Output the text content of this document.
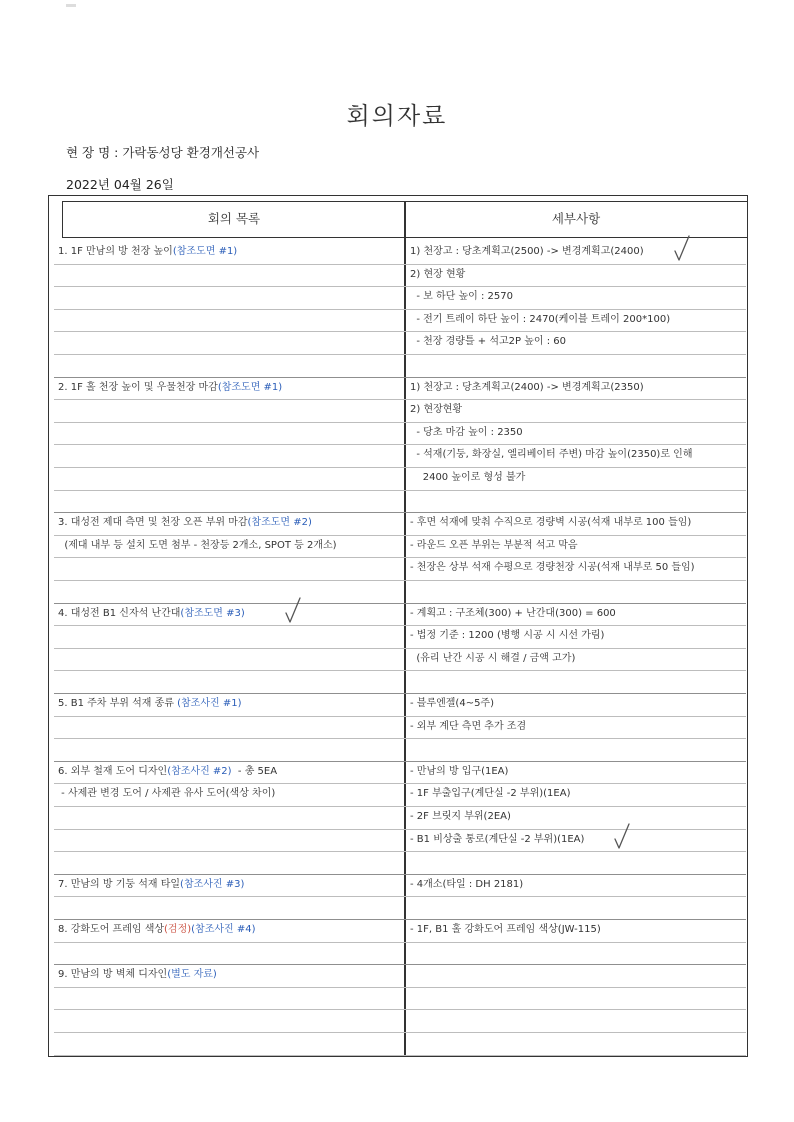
회의자료
현 장 명 : 가락동성당 환경개선공사
2022년 04월 26일
회의 목록	세부사항
1. 1F 만남의 방 천장 높이(참조도면 #1)	1) 천장고 : 당초계획고(2500) -> 변경계획고(2400)
2) 현장 현황
- 보 하단 높이 : 2570
- 전기 트레이 하단 높이 : 2470(케이블 트레이 200*100)
- 천장 경량틀 + 석고2P 높이 : 60
2. 1F 홀 천장 높이 및 우물천장 마감(참조도면 #1)	1) 천장고 : 당초계획고(2400) -> 변경계획고(2350)
2) 현장현황
- 당초 마감 높이 : 2350
- 석재(기둥, 화장실, 엘리베이터 주변) 마감 높이(2350)로 인해
2400 높이로 형성 불가
3. 대성전 제대 측면 및 천장 오픈 부위 마감(참조도면 #2)	- 후면 석재에 맞춰 수직으로 경량벽 시공(석재 내부로 100 들임)
(제대 내부 등 설치 도면 첨부 - 천장등 2개소, SPOT 등 2개소)	- 라운드 오픈 부위는 부분적 석고 막음
- 천장은 상부 석재 수평으로 경량천장 시공(석재 내부로 50 들임)
4. 대성전 B1 신자석 난간대(참조도면 #3)	- 계획고 : 구조체(300) + 난간대(300) = 600
- 법정 기준 : 1200 (병행 시공 시 시선 가림)
(유리 난간 시공 시 해결 / 금액 고가)
5. B1 주차 부위 석재 종류 (참조사진 #1)	- 블루엔젤(4~5주)
- 외부 계단 측면 추가 조겸
6. 외부 철재 도어 디자인(참조사진 #2)  - 총 5EA	- 만남의 방 입구(1EA)
- 사제관 변경 도어 / 사제관 유사 도어(색상 차이)	- 1F 부출입구(계단실 -2 부위)(1EA)
- 2F 브릿지 부위(2EA)
- B1 비상출 통로(계단실 -2 부위)(1EA)
7. 만남의 방 기둥 석재 타일(참조사진 #3)	- 4개소(타일 : DH 2181)
8. 강화도어 프레임 색상(검정)(참조사진 #4)	- 1F, B1 홀 강화도어 프레임 색상(JW-115)
9. 만남의 방 벽체 디자인(별도 자료)
